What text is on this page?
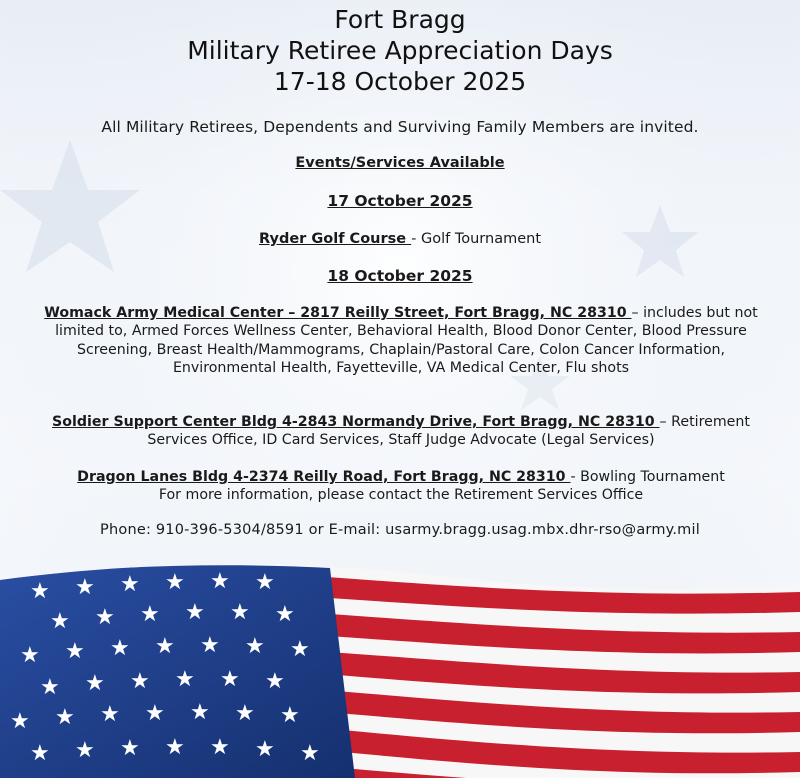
★ ★ ★ ★ ★ ★
★ ★ ★ ★ ★ ★
★ ★ ★ ★ ★ ★ ★
★ ★ ★ ★ ★ ★
★ ★ ★ ★ ★ ★ ★
★ ★ ★ ★ ★ ★ ★
Fort Bragg
Military Retiree Appreciation Days
17-18 October 2025
All Military Retirees, Dependents and Surviving Family Members are invited.
Events/Services Available
17 October 2025
Ryder Golf Course - Golf Tournament
18 October 2025
Womack Army Medical Center – 2817 Reilly Street, Fort Bragg, NC 28310 – includes but not limited to, Armed Forces Wellness Center, Behavioral Health, Blood Donor Center, Blood Pressure Screening, Breast Health/Mammograms, Chaplain/Pastoral Care, Colon Cancer Information, Environmental Health, Fayetteville, VA Medical Center, Flu shots
Soldier Support Center Bldg 4-2843 Normandy Drive, Fort Bragg, NC 28310 – Retirement Services Office, ID Card Services, Staff Judge Advocate (Legal Services)
Dragon Lanes Bldg 4-2374 Reilly Road, Fort Bragg, NC 28310 - Bowling Tournament
For more information, please contact the Retirement Services Office
Phone: 910-396-5304/8591 or E-mail: usarmy.bragg.usag.mbx.dhr-rso@army.mil
